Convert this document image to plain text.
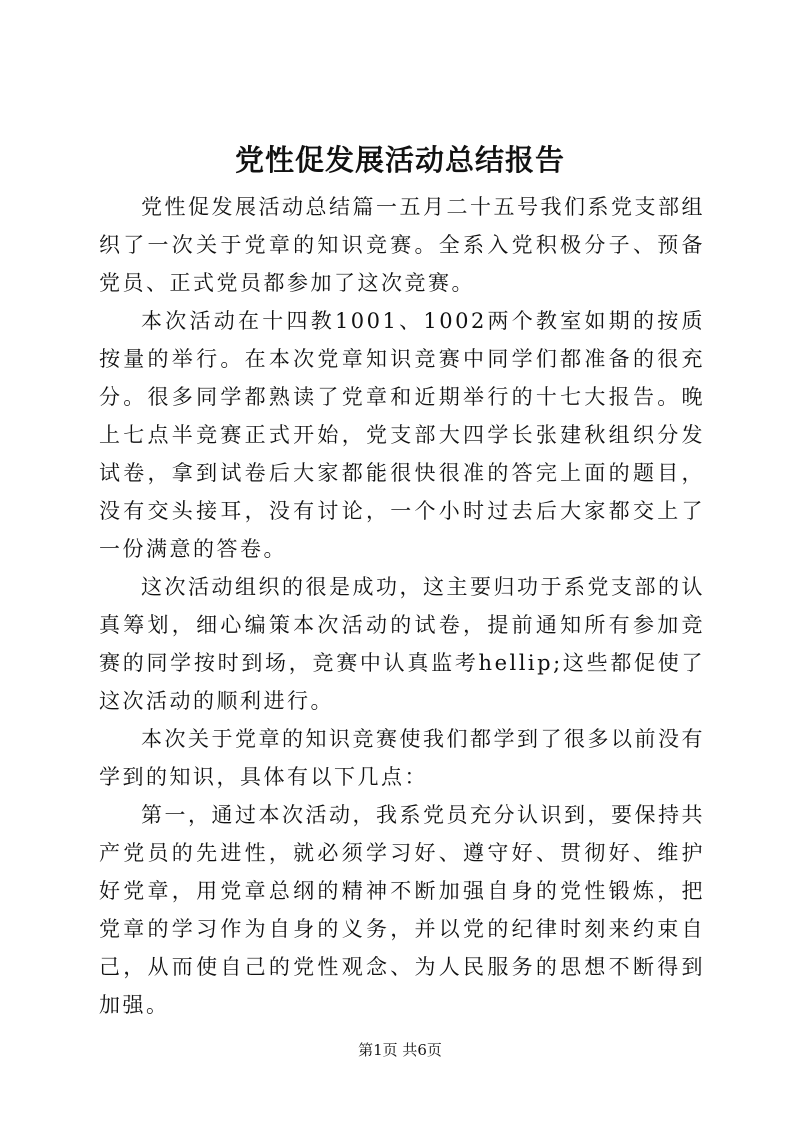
党性促发展活动总结报告

党性促发展活动总结篇一五月二十五号我们系党支部组织了一次关于党章的知识竞赛。全系入党积极分子、预备党员、正式党员都参加了这次竞赛。

本次活动在十四教1001、1002两个教室如期的按质按量的举行。在本次党章知识竞赛中同学们都准备的很充分。很多同学都熟读了党章和近期举行的十七大报告。晚上七点半竞赛正式开始，党支部大四学长张建秋组织分发试卷，拿到试卷后大家都能很快很准的答完上面的题目，没有交头接耳，没有讨论，一个小时过去后大家都交上了一份满意的答卷。

这次活动组织的很是成功，这主要归功于系党支部的认真筹划，细心编策本次活动的试卷，提前通知所有参加竞赛的同学按时到场，竞赛中认真监考hellip;这些都促使了这次活动的顺利进行。

本次关于党章的知识竞赛使我们都学到了很多以前没有学到的知识，具体有以下几点：

第一，通过本次活动，我系党员充分认识到，要保持共产党员的先进性，就必须学习好、遵守好、贯彻好、维护好党章，用党章总纲的精神不断加强自身的党性锻炼，把党章的学习作为自身的义务，并以党的纪律时刻来约束自己，从而使自己的党性观念、为人民服务的思想不断得到加强。

第1页 共6页
